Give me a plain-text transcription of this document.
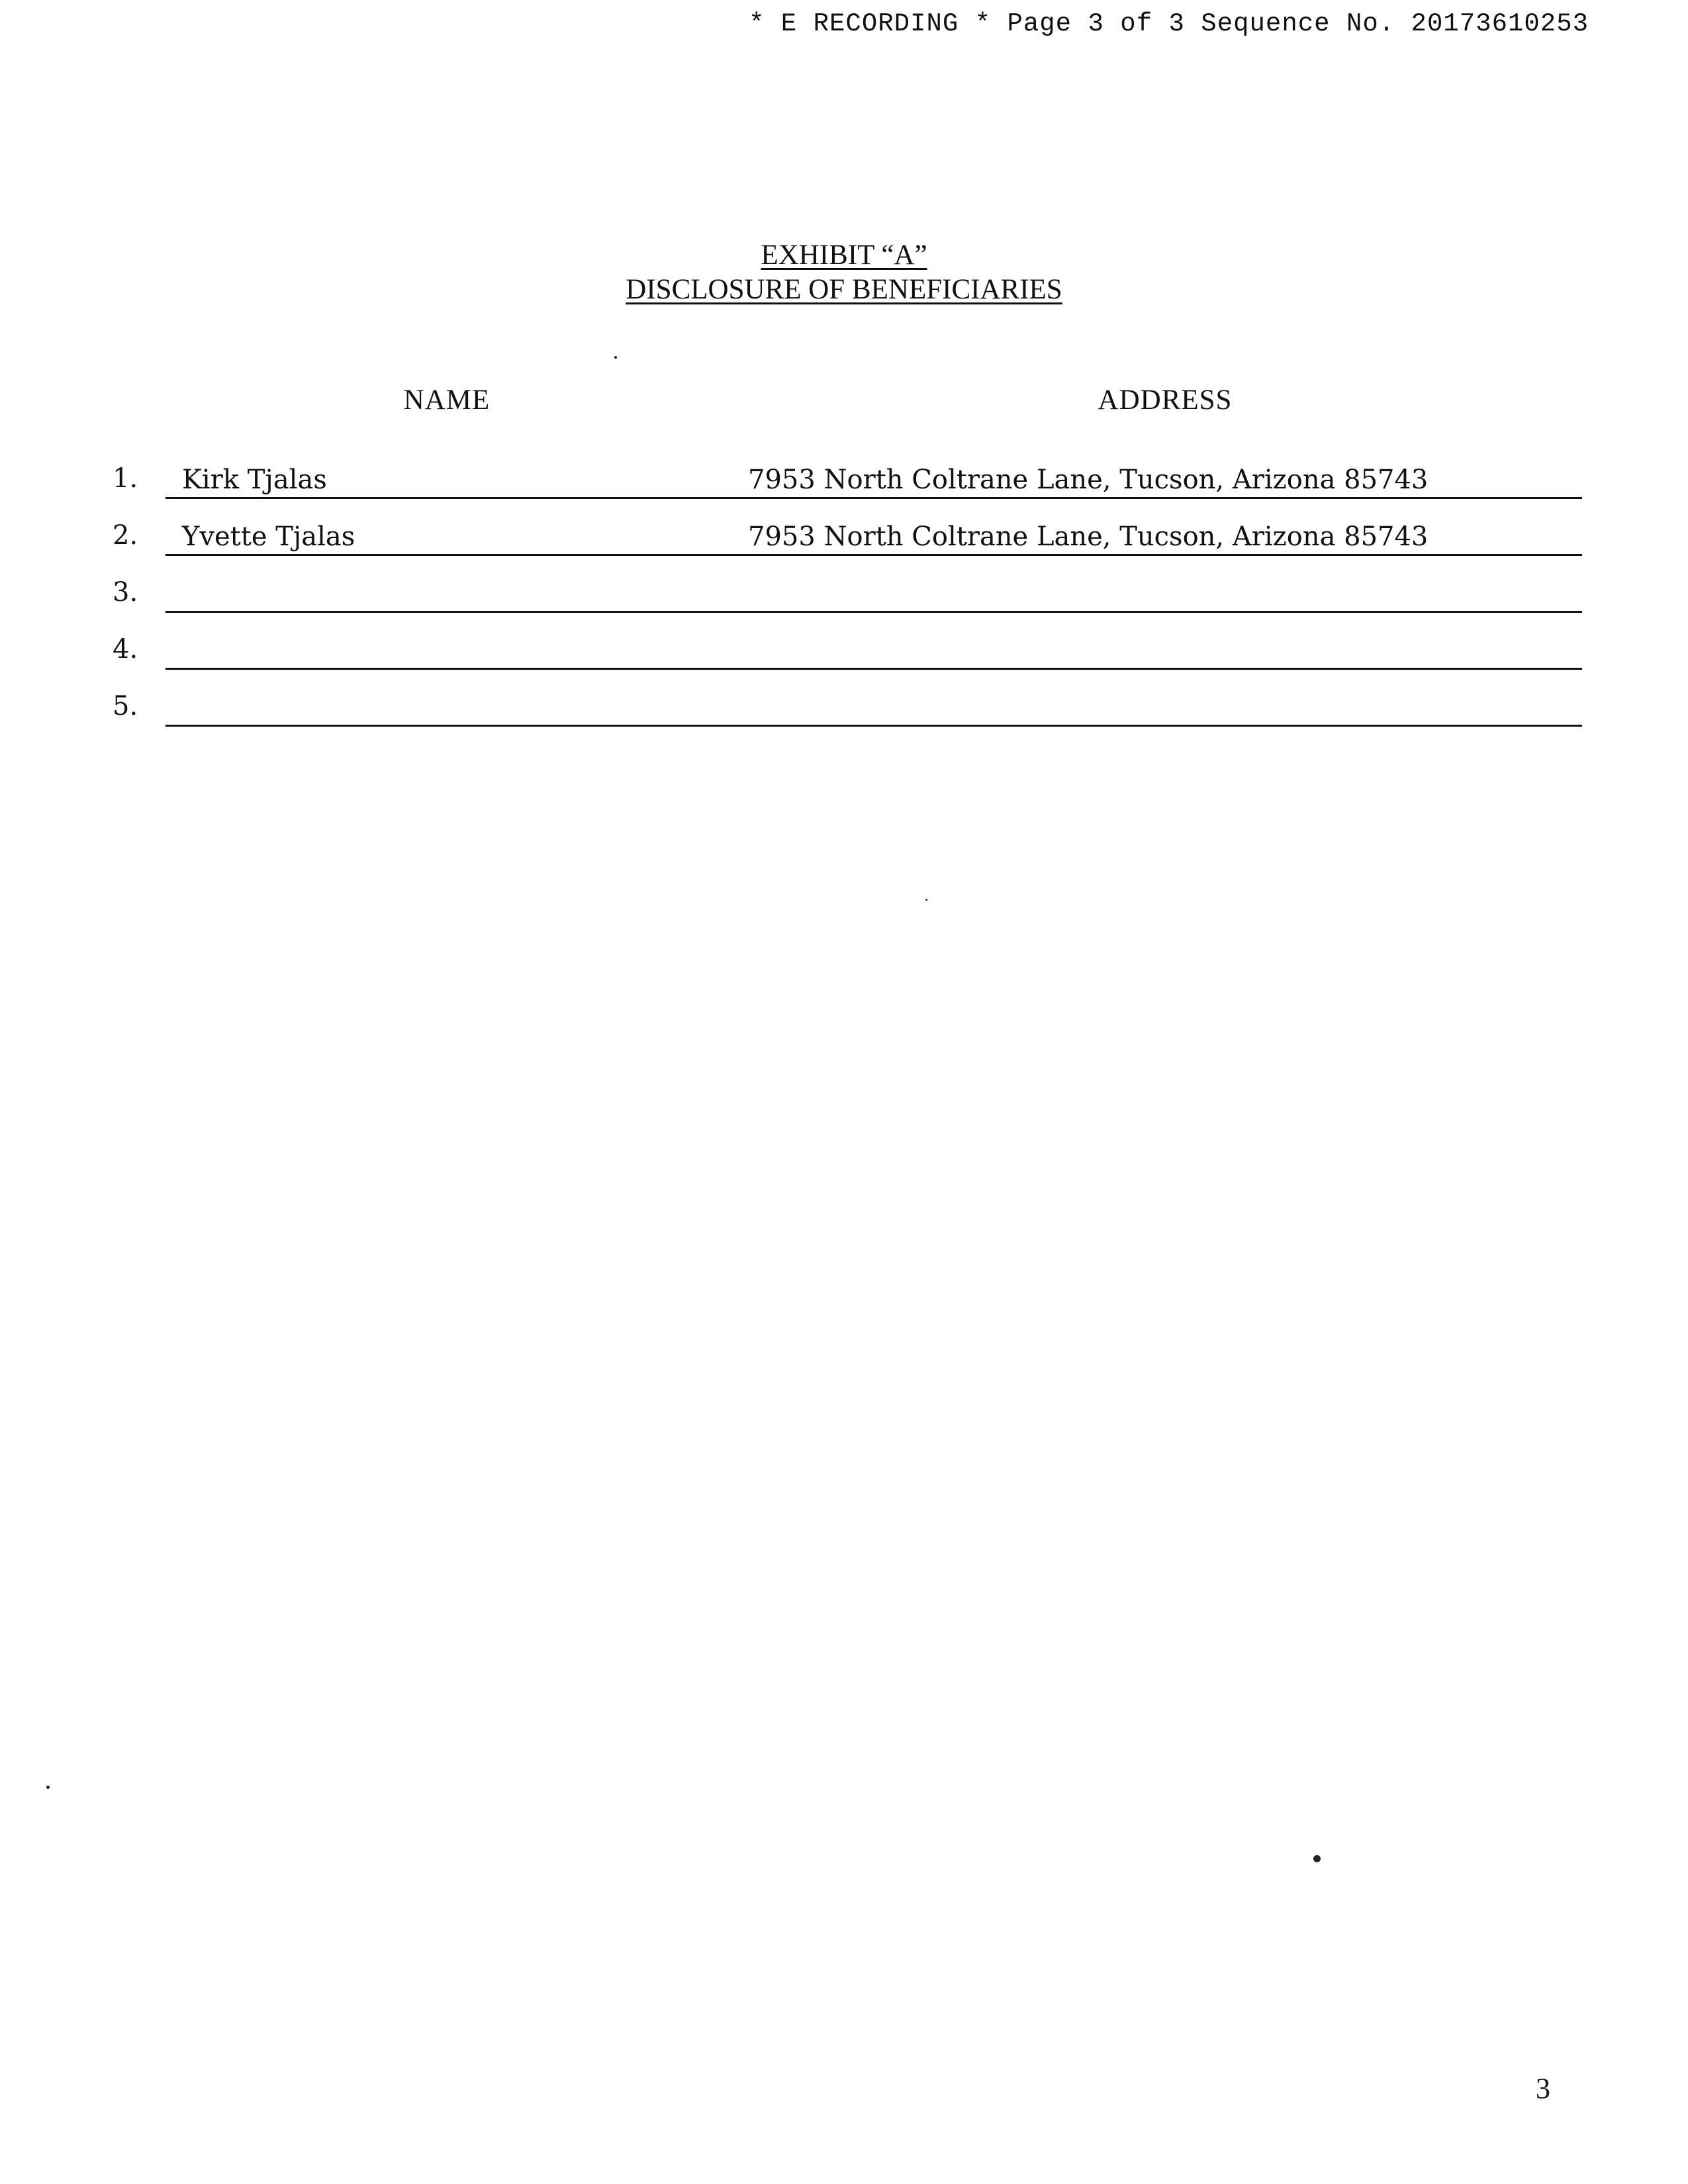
* E RECORDING * Page 3 of 3 Sequence No. 20173610253
EXHIBIT “A”
DISCLOSURE OF BENEFICIARIES
NAME	ADDRESS
1.	Kirk Tjalas	7953 North Coltrane Lane, Tucson, Arizona 85743
2.	Yvette Tjalas	7953 North Coltrane Lane, Tucson, Arizona 85743
3.
4.
5.
3
